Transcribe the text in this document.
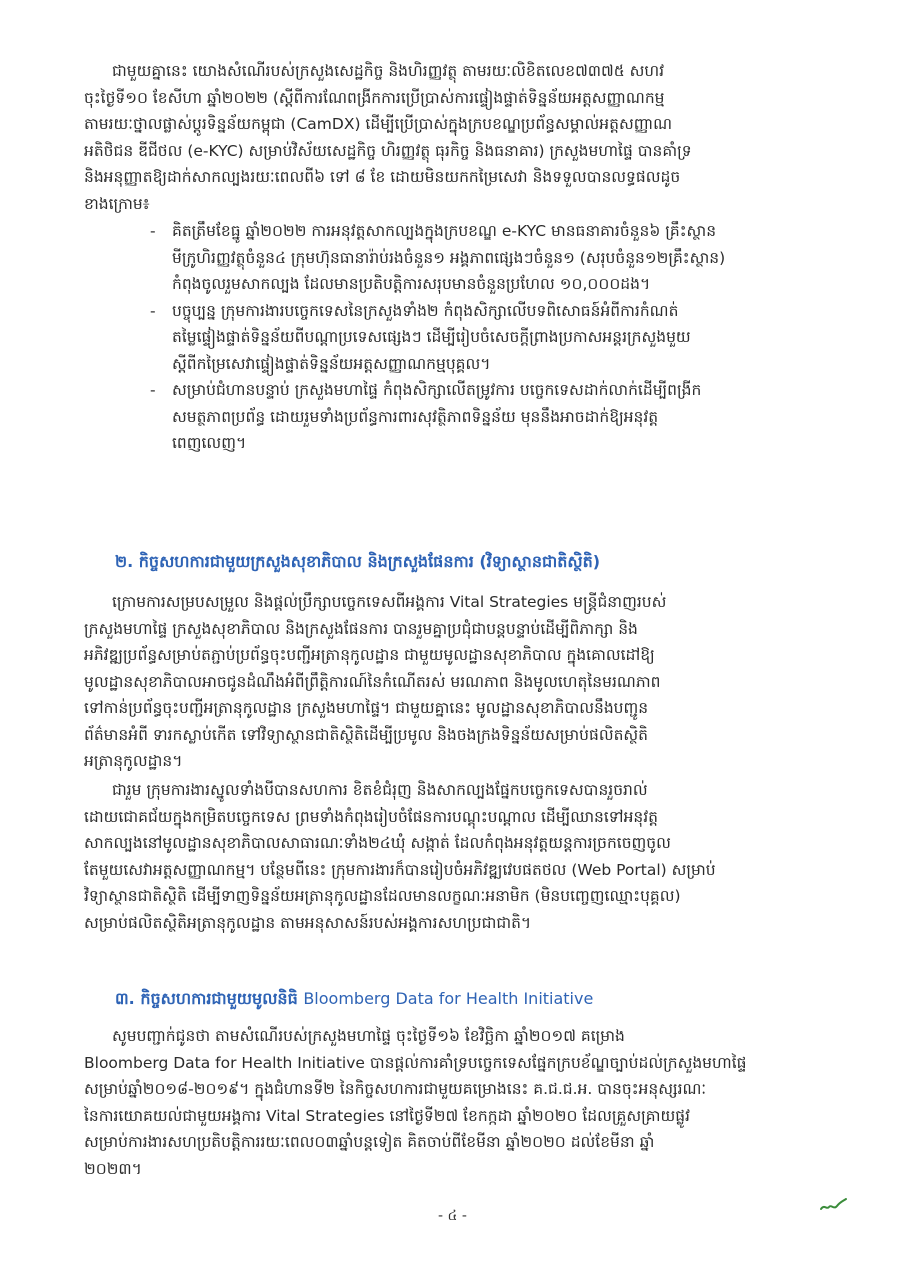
ជាមួយគ្នានេះ យោងសំណើរបស់ក្រសួងសេដ្ឋកិច្ច និងហិរញ្ញវត្ថុ តាមរយៈលិខិតលេខ៧៣៧៥ សហវ

ចុះថ្ងៃទី១០ ខែសីហា ឆ្នាំ២០២២ (ស្តីពីការណែពង្រីកការប្រើប្រាស់ការផ្ទៀងផ្ទាត់ទិន្នន័យអត្តសញ្ញាណកម្ម

តាមរយៈថ្នាលផ្លាស់ប្តូរទិន្នន័យកម្ពុជា (CamDX) ដើម្បីប្រើប្រាស់ក្នុងក្របខណ្ឌប្រព័ន្ធសម្គាល់អត្តសញ្ញាណ

អតិថិជន ឌីជីថល (e-KYC) សម្រាប់វិស័យសេដ្ឋកិច្ច ហិរញ្ញវត្ថុ ធុរកិច្ច និងធនាគារ) ក្រសួងមហាផ្ទៃ បានគាំទ្រ

និងអនុញ្ញាតឱ្យដាក់សាកល្បងរយៈពេលពី៦ ទៅ ៨ ខែ ដោយមិនយកកម្រៃសេវា និងទទួលបានលទ្ធផលដូច

ខាងក្រោម៖

- គិតត្រឹមខែធ្នូ ឆ្នាំ២០២២ ការអនុវត្តសាកល្បងក្នុងក្របខណ្ឌ e-KYC មានធនាគារចំនួន៦ គ្រឹះស្ថាន

មីក្រូហិរញ្ញវត្ថុចំនួន៤ ក្រុមហ៊ុនធានារ៉ាប់រងចំនួន១ អង្គភាពផ្សេងៗចំនួន១ (សរុបចំនួន១២គ្រឹះស្ថាន)

កំពុងចូលរួមសាកល្បង ដែលមានប្រតិបត្តិការសរុបមានចំនួនប្រហែល ១០,០០០ដង។

- បច្ចុប្បន្ន ក្រុមការងារបច្ចេកទេសនៃក្រសួងទាំង២ កំពុងសិក្សាលើបទពិសោធន៍អំពីការកំណត់

តម្លៃផ្ទៀងផ្ទាត់ទិន្នន័យពីបណ្តាប្រទេសផ្សេងៗ ដើម្បីរៀបចំសេចក្តីព្រាងប្រកាសអន្តរក្រសួងមួយ

ស្តីពីកម្រៃសេវាផ្ទៀងផ្ទាត់ទិន្នន័យអត្តសញ្ញាណកម្មបុគ្គល។

- សម្រាប់ជំហានបន្ទាប់ ក្រសួងមហាផ្ទៃ កំពុងសិក្សាលើតម្រូវការ បច្ចេកទេសដាក់លាក់ដើម្បីពង្រីក

សមត្ថភាពប្រព័ន្ធ ដោយរួមទាំងប្រព័ន្ធការពារសុវត្ថិភាពទិន្នន័យ មុននឹងអាចដាក់ឱ្យអនុវត្ត

ពេញលេញ។

២. កិច្ចសហការជាមួយក្រសួងសុខាភិបាល និងក្រសួងផែនការ (វិទ្យាស្ថានជាតិស្ថិតិ)

ក្រោមការសម្របសម្រួល និងផ្តល់ប្រឹក្សាបច្ចេកទេសពីអង្គការ Vital Strategies មន្ត្រីជំនាញរបស់

ក្រសួងមហាផ្ទៃ ក្រសួងសុខាភិបាល និងក្រសួងផែនការ បានរួមគ្នាប្រជុំជាបន្តបន្ទាប់ដើម្បីពិភាក្សា និង

អភិវឌ្ឍប្រព័ន្ធសម្រាប់តភ្ជាប់ប្រព័ន្ធចុះបញ្ជីអត្រានុកូលដ្ឋាន ជាមួយមូលដ្ឋានសុខាភិបាល ក្នុងគោលដៅឱ្យ

មូលដ្ឋានសុខាភិបាលអាចជូនដំណឹងអំពីព្រឹត្តិការណ៍នៃកំណើតរស់ មរណភាព និងមូលហេតុនៃមរណភាព

ទៅកាន់ប្រព័ន្ធចុះបញ្ជីអត្រានុកូលដ្ឋាន ក្រសួងមហាផ្ទៃ។ ជាមួយគ្នានេះ មូលដ្ឋានសុខាភិបាលនឹងបញ្ជូន

ព័ត៌មានអំពី ទារកស្លាប់កើត ទៅវិទ្យាស្ថានជាតិស្ថិតិដើម្បីប្រមូល និងចងក្រងទិន្នន័យសម្រាប់ផលិតស្ថិតិ

អត្រានុកូលដ្ឋាន។

ជារួម ក្រុមការងារស្នូលទាំងបីបានសហការ ខិតខំជំរុញ និងសាកល្បងផ្នែកបច្ចេកទេសបានរួចរាល់

ដោយជោគជ័យក្នុងកម្រិតបច្ចេកទេស ព្រមទាំងកំពុងរៀបចំផែនការបណ្តុះបណ្តាល ដើម្បីឈានទៅអនុវត្ត

សាកល្បងនៅមូលដ្ឋានសុខាភិបាលសាធារណៈទាំង២៤ឃុំ សង្កាត់ ដែលកំពុងអនុវត្តយន្តការច្រកចេញចូល

តែមួយសេវាអត្តសញ្ញាណកម្ម។ បន្ថែមពីនេះ ក្រុមការងារក៏បានរៀបចំអភិវឌ្ឍវេបផតថល (Web Portal) សម្រាប់

វិទ្យាស្ថានជាតិស្ថិតិ ដើម្បីទាញទិន្នន័យអត្រានុកូលដ្ឋានដែលមានលក្ខណៈអនាមិក (មិនបញ្ចេញឈ្មោះបុគ្គល)

សម្រាប់ផលិតស្ថិតិអត្រានុកូលដ្ឋាន តាមអនុសាសន៍របស់អង្គការសហប្រជាជាតិ។

៣. កិច្ចសហការជាមួយមូលនិធិ Bloomberg Data for Health Initiative

សូមបញ្ជាក់ជូនថា តាមសំណើរបស់ក្រសួងមហាផ្ទៃ ចុះថ្ងៃទី១៦ ខែវិច្ឆិកា ឆ្នាំ២០១៧ គម្រោង

Bloomberg Data for Health Initiative បានផ្តល់ការគាំទ្របច្ចេកទេសផ្នែកក្របខ័ណ្ឌច្បាប់ដល់ក្រសួងមហាផ្ទៃ

សម្រាប់ឆ្នាំ២០១៨-២០១៩។ ក្នុងជំហានទី២ នៃកិច្ចសហការជាមួយគម្រោងនេះ គ.ជ.ជ.អ. បានចុះអនុស្សរណៈ

នៃការយោគយល់ជាមួយអង្គការ Vital Strategies នៅថ្ងៃទី២៧ ខែកក្កដា ឆ្នាំ២០២០ ដែលគ្រួសគ្រាយផ្លូវ

សម្រាប់ការងារសហប្រតិបត្តិការរយៈពេល០៣ឆ្នាំបន្តទៀត គិតចាប់ពីខែមីនា ឆ្នាំ២០២០ ដល់ខែមីនា ឆ្នាំ

២០២៣។

- ៤ -
